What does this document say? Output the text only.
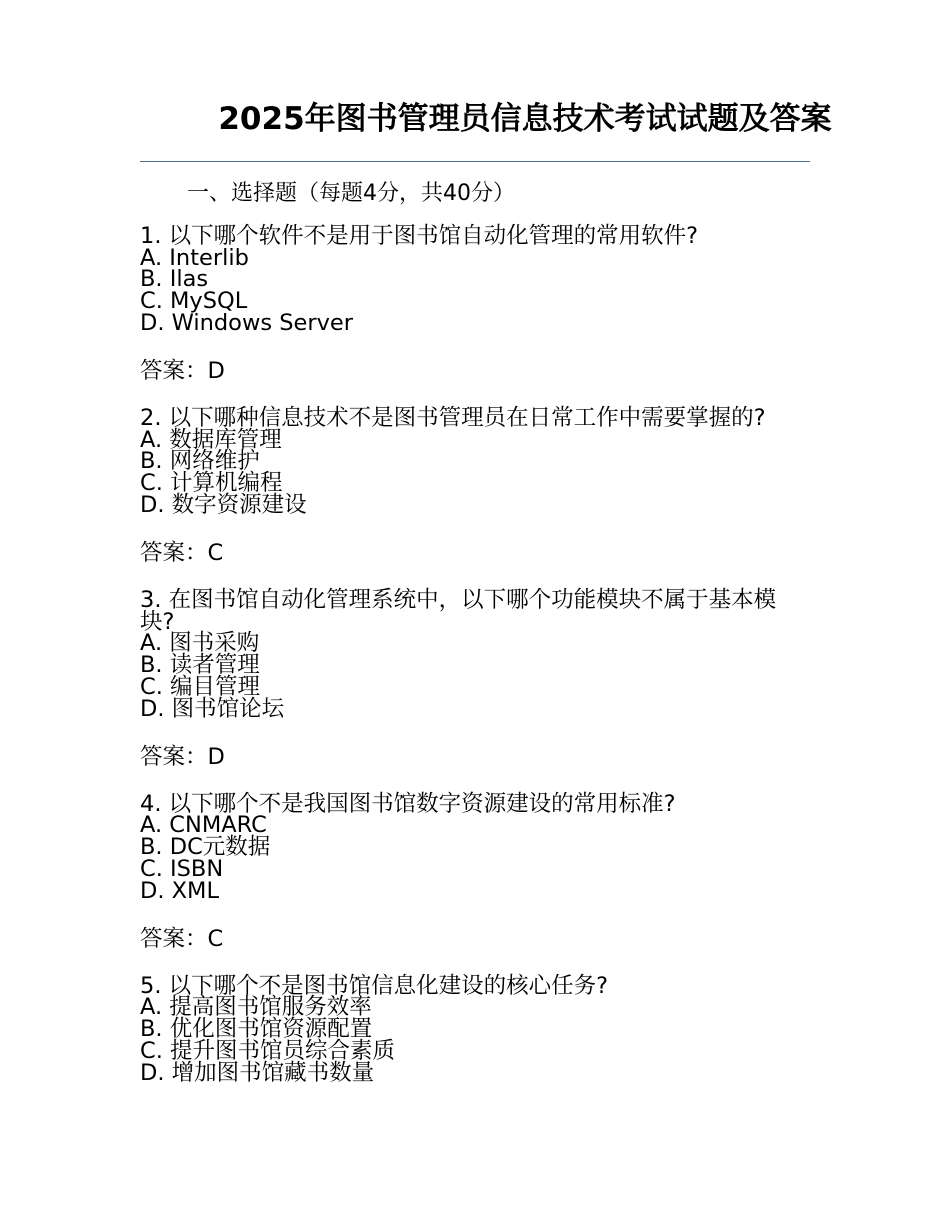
2025年图书管理员信息技术考试试题及答案
一、选择题（每题4分，共40分）
1. 以下哪个软件不是用于图书馆自动化管理的常用软件?
A. Interlib
B. Ilas
C. MySQL
D. Windows Server
答案：D
2. 以下哪种信息技术不是图书管理员在日常工作中需要掌握的?
A. 数据库管理
B. 网络维护
C. 计算机编程
D. 数字资源建设
答案：C
3. 在图书馆自动化管理系统中，以下哪个功能模块不属于基本模块?
A. 图书采购
B. 读者管理
C. 编目管理
D. 图书馆论坛
答案：D
4. 以下哪个不是我国图书馆数字资源建设的常用标准?
A. CNMARC
B. DC元数据
C. ISBN
D. XML
答案：C
5. 以下哪个不是图书馆信息化建设的核心任务?
A. 提高图书馆服务效率
B. 优化图书馆资源配置
C. 提升图书馆员综合素质
D. 增加图书馆藏书数量
